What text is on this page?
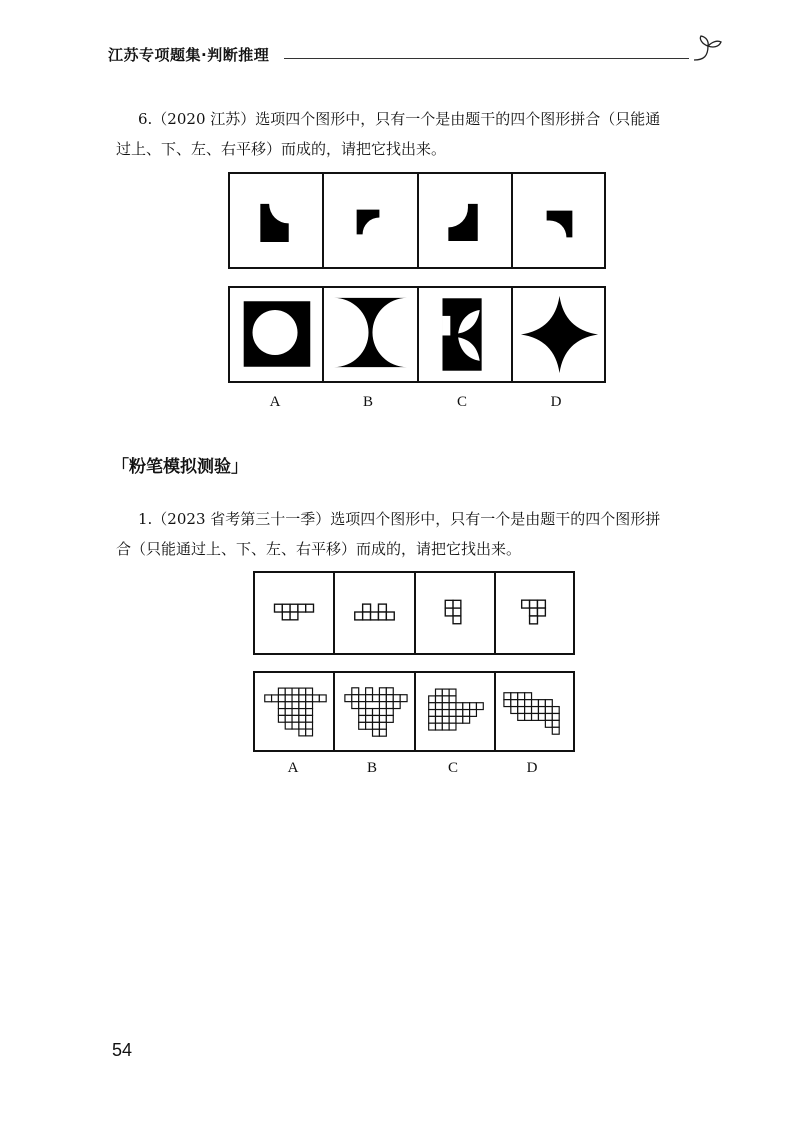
江苏专项题集·判断推理
6.（2020 江苏）选项四个图形中，只有一个是由题干的四个图形拼合（只能通
过上、下、左、右平移）而成的，请把它找出来。
A	B	C	D
「粉笔模拟测验」
1.（2023 省考第三十一季）选项四个图形中，只有一个是由题干的四个图形拼
合（只能通过上、下、左、右平移）而成的，请把它找出来。
A	B	C	D
54
